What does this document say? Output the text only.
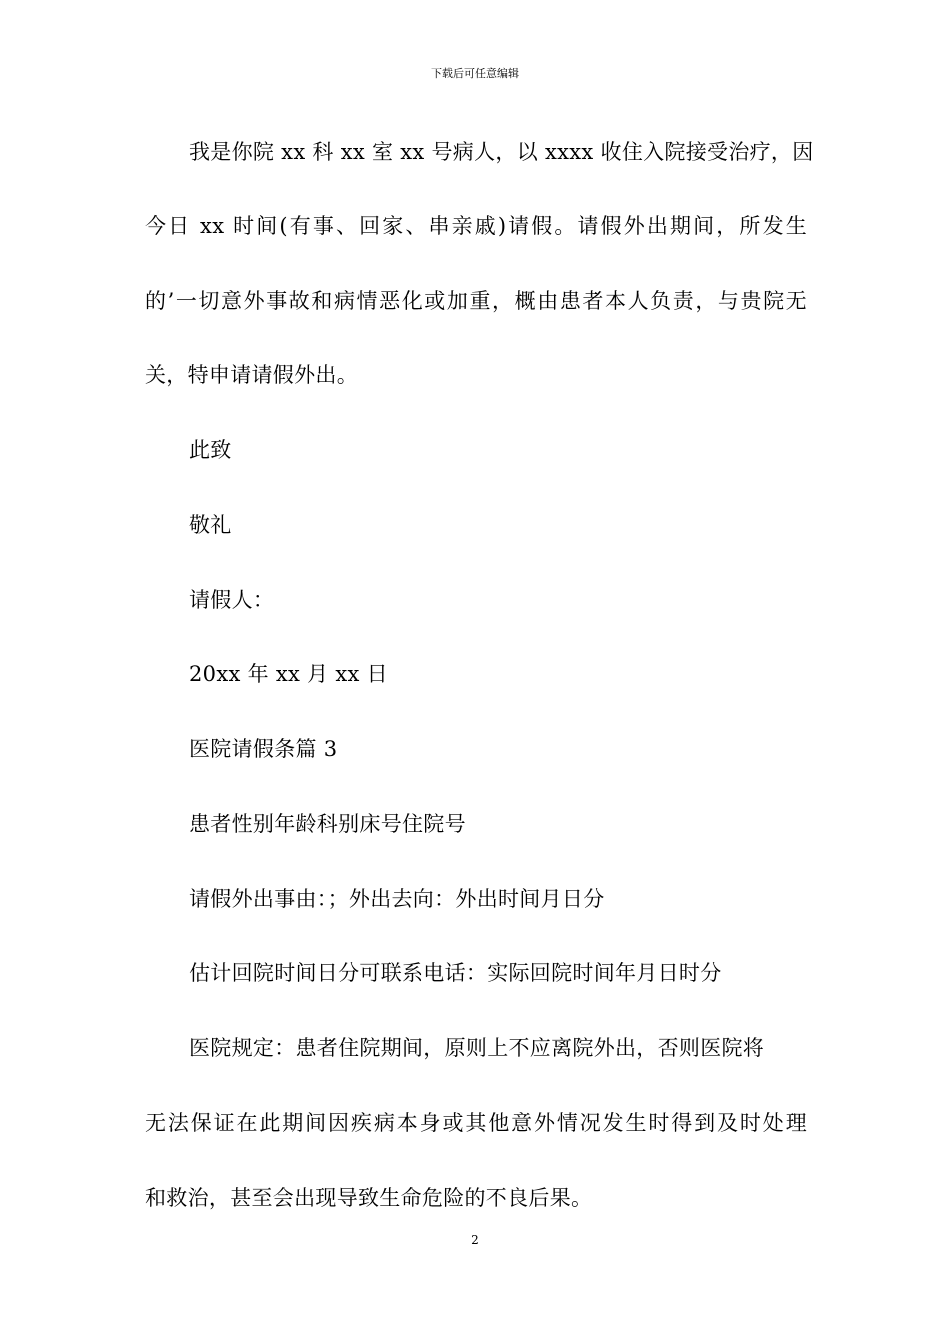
下载后可任意编辑
我是你院 xx 科 xx 室 xx 号病人，以 xxxx 收住入院接受治疗，因
今日 xx 时间(有事、回家、串亲戚)请假。请假外出期间，所发生
的’一切意外事故和病情恶化或加重，概由患者本人负责，与贵院无
关，特申请请假外出。
此致
敬礼
请假人：
20xx 年 xx 月 xx 日
医院请假条篇 3
患者性别年龄科别床号住院号
请假外出事由：；外出去向：外出时间月日分
估计回院时间日分可联系电话：实际回院时间年月日时分
医院规定：患者住院期间，原则上不应离院外出，否则医院将
无法保证在此期间因疾病本身或其他意外情况发生时得到及时处理
和救治，甚至会出现导致生命危险的不良后果。
2
